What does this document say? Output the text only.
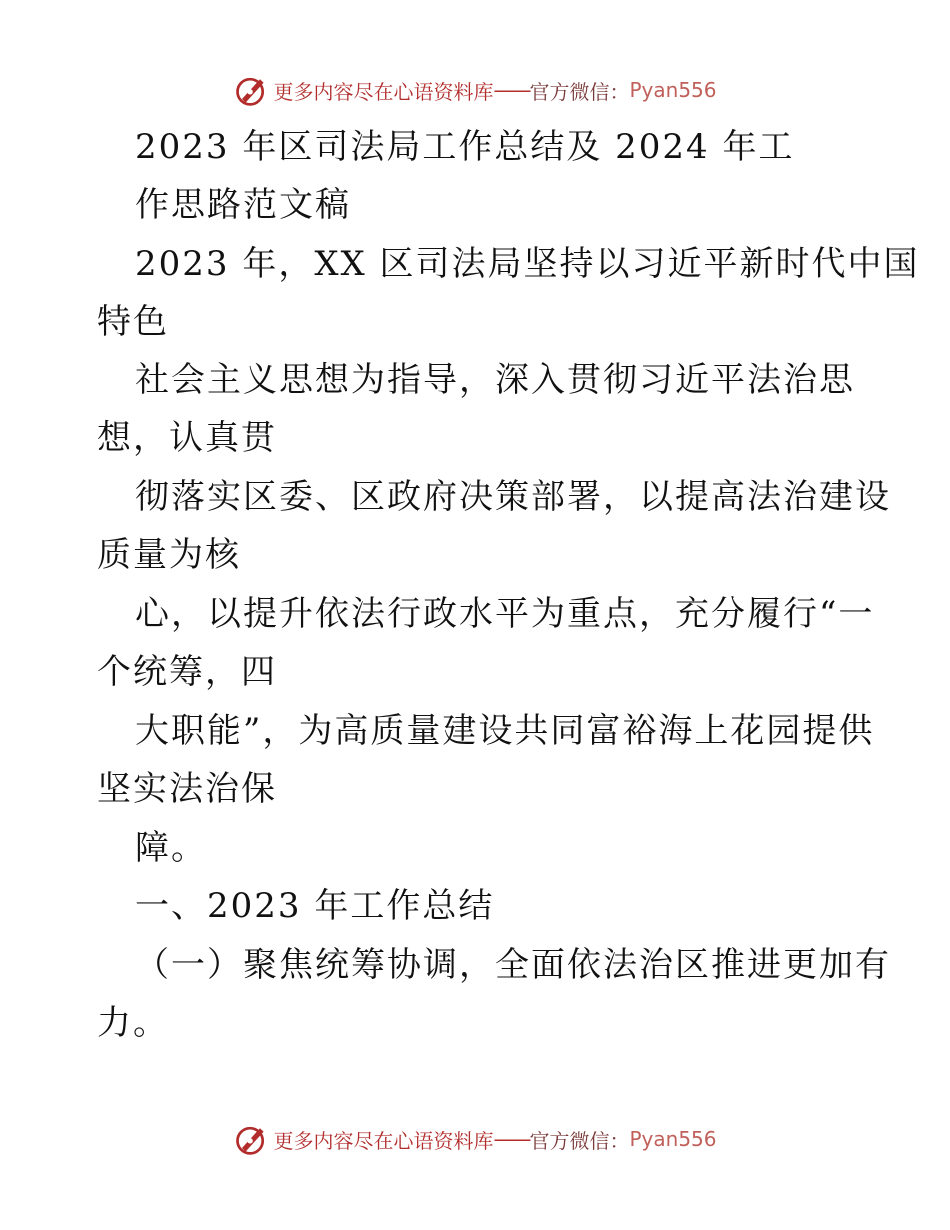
更多内容尽在心语资料库 —— 官方微信： Pyan556
2023 年区司法局工作总结及 2024 年工
作思路范文稿
2023 年，XX 区司法局坚持以习近平新时代中国
特色
社会主义思想为指导，深入贯彻习近平法治思
想，认真贯
彻落实区委、区政府决策部署，以提高法治建设
质量为核
心，以提升依法行政水平为重点，充分履行“一
个统筹，四
大职能”，为高质量建设共同富裕海上花园提供
坚实法治保
障。
一、2023 年工作总结
（一）聚焦统筹协调，全面依法治区推进更加有
力。
更多内容尽在心语资料库 —— 官方微信： Pyan556
